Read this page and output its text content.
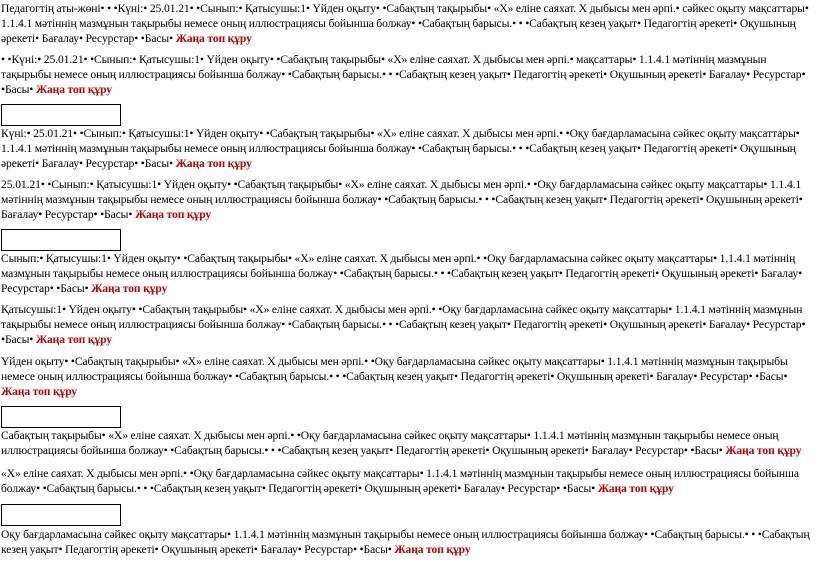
Педагогтің аты-жөні• • •Күні:• 25.01.21• •Сынып:• Қатысушы:1• Үйден оқыту• •Сабақтың тақырыбы• «Х» еліне саяхат. Х дыбысы мен әрпі.• сәйкес оқыту мақсаттары• 1.1.4.1 мәтіннің мазмұнын тақырыбы немесе оның иллюстрациясы бойынша болжау• •Сабақтың барысы.• • •Сабақтың кезең уақыт• Педагогтің әрекеті• Оқушының әрекеті• Бағалау• Ресурстар• •Басы• Жаңа топ құру

• •Күні:• 25.01.21• •Сынып:• Қатысушы:1• Үйден оқыту• •Сабақтың тақырыбы• «Х» еліне саяхат. Х дыбысы мен әрпі.• мақсаттары• 1.1.4.1 мәтіннің мазмұнын тақырыбы немесе оның иллюстрациясы бойынша болжау• •Сабақтың барысы.• • •Сабақтың кезең уақыт• Педагогтің әрекеті• Оқушының әрекеті• Бағалау• Ресурстар• •Басы• Жаңа топ құру

Күні:• 25.01.21• •Сынып:• Қатысушы:1• Үйден оқыту• •Сабақтың тақырыбы• «Х» еліне саяхат. Х дыбысы мен әрпі.• •Оқу бағдарламасына сәйкес оқыту мақсаттары• 1.1.4.1 мәтіннің мазмұнын тақырыбы немесе оның иллюстрациясы бойынша болжау• •Сабақтың барысы.• • •Сабақтың кезең уақыт• Педагогтің әрекеті• Оқушының әрекеті• Бағалау• Ресурстар• •Басы• Жаңа топ құру

25.01.21• •Сынып:• Қатысушы:1• Үйден оқыту• •Сабақтың тақырыбы• «Х» еліне саяхат. Х дыбысы мен әрпі.• •Оқу бағдарламасына сәйкес оқыту мақсаттары• 1.1.4.1 мәтіннің мазмұнын тақырыбы немесе оның иллюстрациясы бойынша болжау• •Сабақтың барысы.• • •Сабақтың кезең уақыт• Педагогтің әрекеті• Оқушының әрекеті• Бағалау• Ресурстар• •Басы• Жаңа топ құру

Сынып:• Қатысушы:1• Үйден оқыту• •Сабақтың тақырыбы• «Х» еліне саяхат. Х дыбысы мен әрпі.• •Оқу бағдарламасына сәйкес оқыту мақсаттары• 1.1.4.1 мәтіннің мазмұнын тақырыбы немесе оның иллюстрациясы бойынша болжау• •Сабақтың барысы.• • •Сабақтың кезең уақыт• Педагогтің әрекеті• Оқушының әрекеті• Бағалау• Ресурстар• •Басы• Жаңа топ құру

Қатысушы:1• Үйден оқыту• •Сабақтың тақырыбы• «Х» еліне саяхат. Х дыбысы мен әрпі.• •Оқу бағдарламасына сәйкес оқыту мақсаттары• 1.1.4.1 мәтіннің мазмұнын тақырыбы немесе оның иллюстрациясы бойынша болжау• •Сабақтың барысы.• • •Сабақтың кезең уақыт• Педагогтің әрекеті• Оқушының әрекеті• Бағалау• Ресурстар• •Басы• Жаңа топ құру

Үйден оқыту• •Сабақтың тақырыбы• «Х» еліне саяхат. Х дыбысы мен әрпі.• •Оқу бағдарламасына сәйкес оқыту мақсаттары• 1.1.4.1 мәтіннің мазмұнын тақырыбы немесе оның иллюстрациясы бойынша болжау• •Сабақтың барысы.• • •Сабақтың кезең уақыт• Педагогтің әрекеті• Оқушының әрекеті• Бағалау• Ресурстар• •Басы• Жаңа топ құру

Сабақтың тақырыбы• «Х» еліне саяхат. Х дыбысы мен әрпі.• •Оқу бағдарламасына сәйкес оқыту мақсаттары• 1.1.4.1 мәтіннің мазмұнын тақырыбы немесе оның иллюстрациясы бойынша болжау• •Сабақтың барысы.• • •Сабақтың кезең уақыт• Педагогтің әрекеті• Оқушының әрекеті• Бағалау• Ресурстар• •Басы• Жаңа топ құру

«Х» еліне саяхат. Х дыбысы мен әрпі.• •Оқу бағдарламасына сәйкес оқыту мақсаттары• 1.1.4.1 мәтіннің мазмұнын тақырыбы немесе оның иллюстрациясы бойынша болжау• •Сабақтың барысы.• • •Сабақтың кезең уақыт• Педагогтің әрекеті• Оқушының әрекеті• Бағалау• Ресурстар• •Басы• Жаңа топ құру

Оқу бағдарламасына сәйкес оқыту мақсаттары• 1.1.4.1 мәтіннің мазмұнын тақырыбы немесе оның иллюстрациясы бойынша болжау• •Сабақтың барысы.• • •Сабақтың кезең уақыт• Педагогтің әрекеті• Оқушының әрекеті• Бағалау• Ресурстар• •Басы• Жаңа топ құру
